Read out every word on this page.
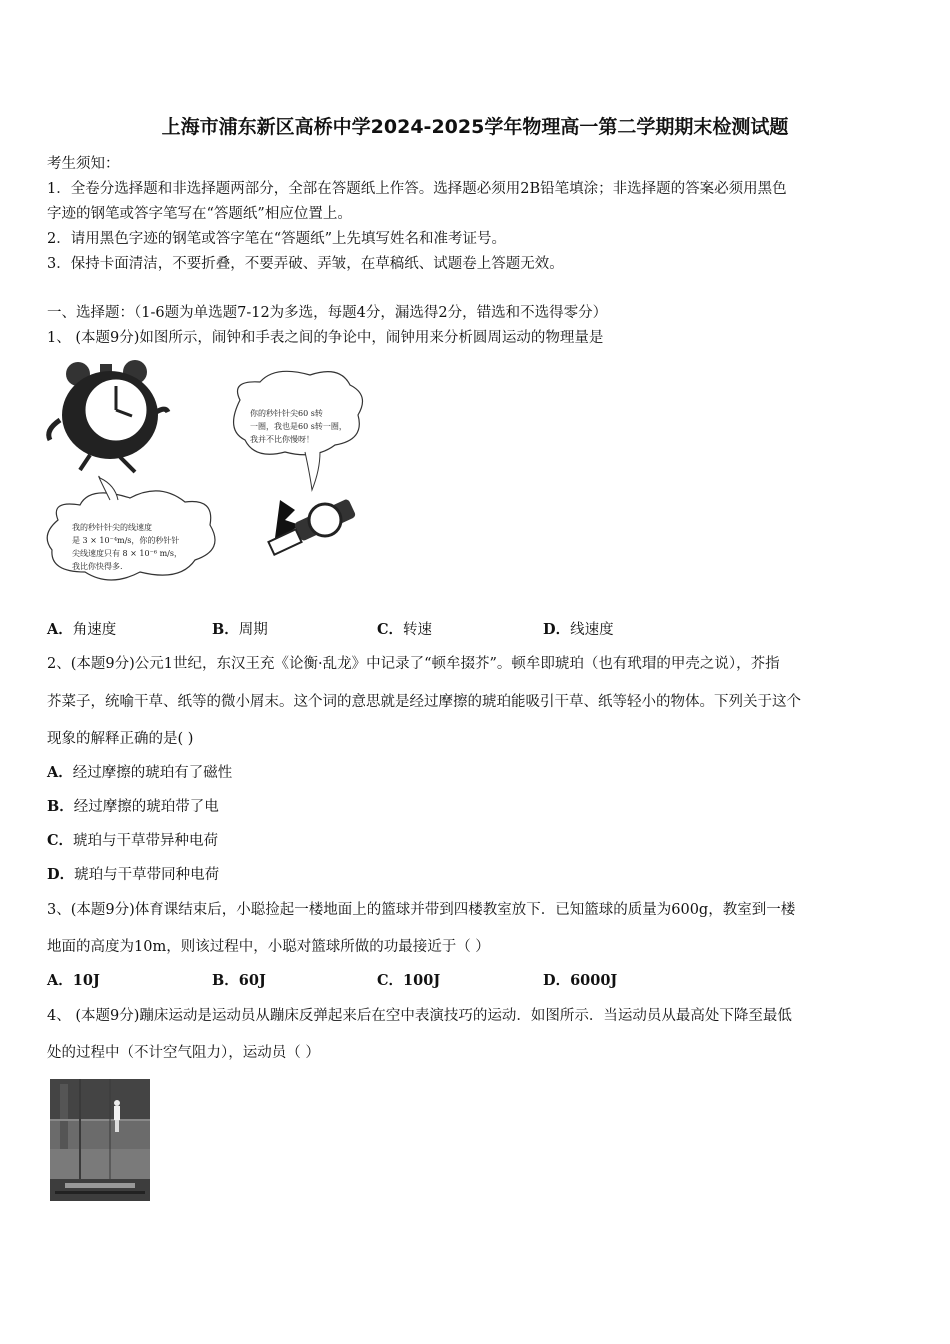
上海市浦东新区高桥中学2024-2025学年物理高一第二学期期末检测试题
考生须知：
1．全卷分选择题和非选择题两部分，全部在答题纸上作答。选择题必须用2B铅笔填涂；非选择题的答案必须用黑色
字迹的钢笔或答字笔写在“答题纸”相应位置上。
2．请用黑色字迹的钢笔或答字笔在“答题纸”上先填写姓名和准考证号。
3．保持卡面清洁，不要折叠，不要弄破、弄皱，在草稿纸、试题卷上答题无效。
一、选择题：（1-6题为单选题7-12为多选，每题4分，漏选得2分，错选和不选得零分）
1、 (本题9分)如图所示，闹钟和手表之间的争论中，闹钟用来分析圆周运动的物理量是
你的秒针针尖60 s转
一圈，我也是60 s转一圈，
我并不比你慢呀！
我的秒针针尖的线速度
是 3 × 10⁻⁴m/s，你的秒针针
尖线速度只有 8 × 10⁻⁶ m/s，
我比你快得多.
A．角速度	B．周期	C．转速	D．线速度
2、(本题9分)公元1世纪，东汉王充《论衡·乱龙》中记录了“顿牟掇芥”。顿牟即琥珀（也有玳瑁的甲壳之说），芥指
芥菜子，统喻干草、纸等的微小屑末。这个词的意思就是经过摩擦的琥珀能吸引干草、纸等轻小的物体。下列关于这个
现象的解释正确的是( )
A．经过摩擦的琥珀有了磁性
B．经过摩擦的琥珀带了电
C．琥珀与干草带异种电荷
D．琥珀与干草带同种电荷
3、(本题9分)体育课结束后，小聪捡起一楼地面上的篮球并带到四楼教室放下．已知篮球的质量为600g，教室到一楼
地面的高度为10m，则该过程中，小聪对篮球所做的功最接近于（ ）
A．10J	B．60J	C．100J	D．6000J
4、 (本题9分)蹦床运动是运动员从蹦床反弹起来后在空中表演技巧的运动．如图所示．当运动员从最高处下降至最低
处的过程中（不计空气阻力），运动员（ ）
